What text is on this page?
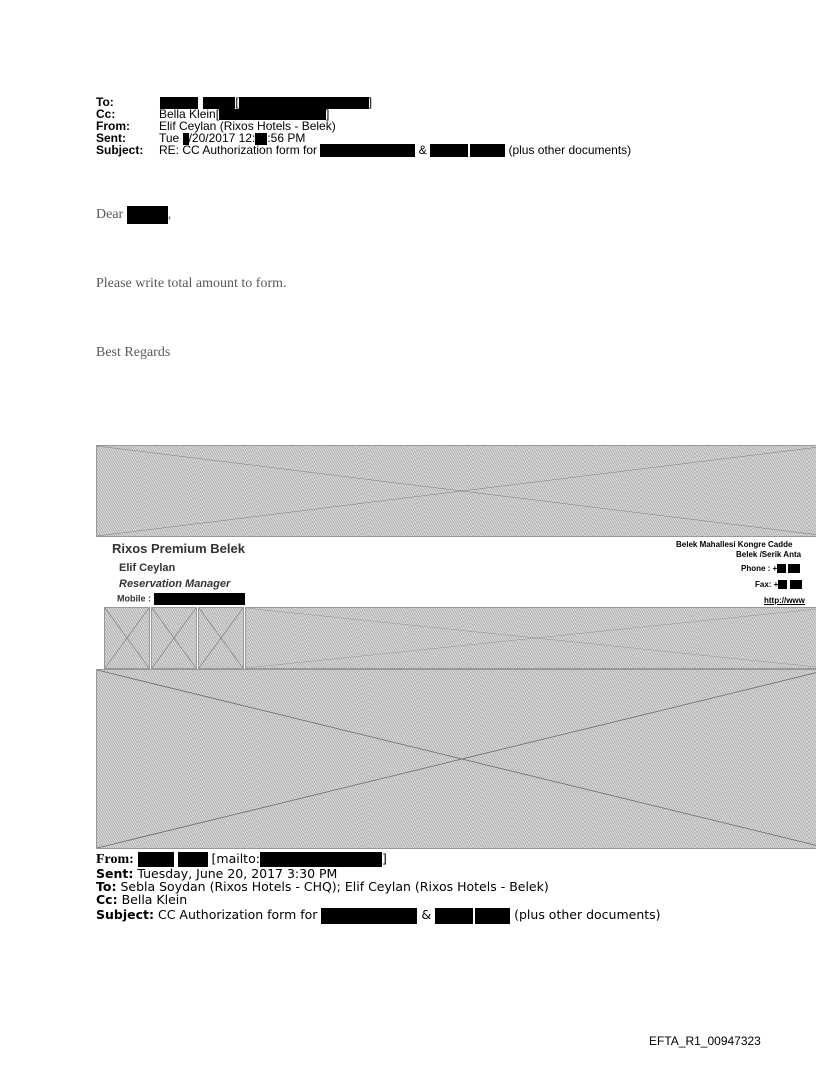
To:	[	]
Cc:	Bella Klein[	]
From: Elif Ceylan (Rixos Hotels - Belek)
Sent:	Tue /20/2017 12: :56 PM
Subject: RE: CC Authorization form for	&	(plus other documents)
Dear	,
Please write total amount to form.
Best Regards
Rixos Premium Belek
Elif Ceylan
Reservation Manager
Mobile :
Belek Mahallesi Kongre Cadde
Belek /Serik Anta
Phone : +
Fax: +
http://www
From:	[mailto:	]
Sent: Tuesday, June 20, 2017 3:30 PM
To: Sebla Soydan (Rixos Hotels - CHQ); Elif Ceylan (Rixos Hotels - Belek)
Cc: Bella Klein
Subject: CC Authorization form for	&	(plus other documents)
EFTA_R1_00947323
